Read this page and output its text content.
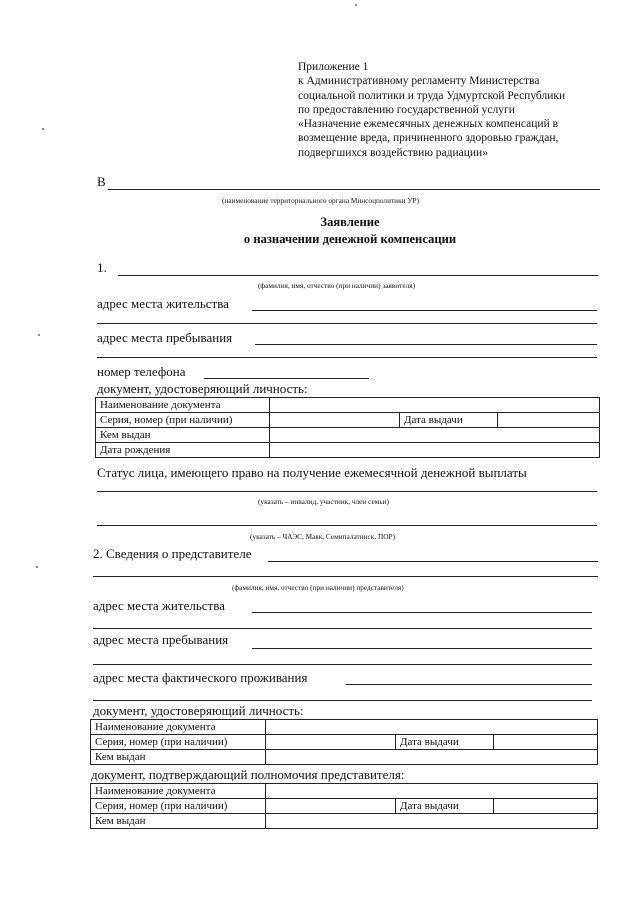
Приложение 1
к Административному регламенту Министерства
социальной политики и труда Удмуртской Республики
по предоставлению государственной услуги
«Назначение ежемесячных денежных компенсаций в
возмещение вреда, причиненного здоровью граждан,
подвергшихся воздействию радиации»
В
(наименование территориального органа Минсоцполитики УР)
Заявление
о назначении денежной компенсации
1.
(фамилия, имя, отчество (при наличии) заявителя)
адрес места жительства
адрес места пребывания
номер телефона
документ, удостоверяющий личность:
Наименование документа			
Серия, номер (при наличии)		Дата выдачи	
Кем выдан			
Дата рождения			
Статус лица, имеющего право на получение ежемесячной денежной выплаты
(указать – инвалид, участник, член семьи)
(указать – ЧАЭС, Маяк, Семипалатинск, ПОР)
2. Сведения о представителе
(фамилия, имя, отчество (при наличии) представителя)
адрес места жительства
адрес места пребывания
адрес места фактического проживания
документ, удостоверяющий личность:
Наименование документа			
Серия, номер (при наличии)		Дата выдачи	
Кем выдан			
документ, подтверждающий полномочия представителя:
Наименование документа			
Серия, номер (при наличии)		Дата выдачи	
Кем выдан			
